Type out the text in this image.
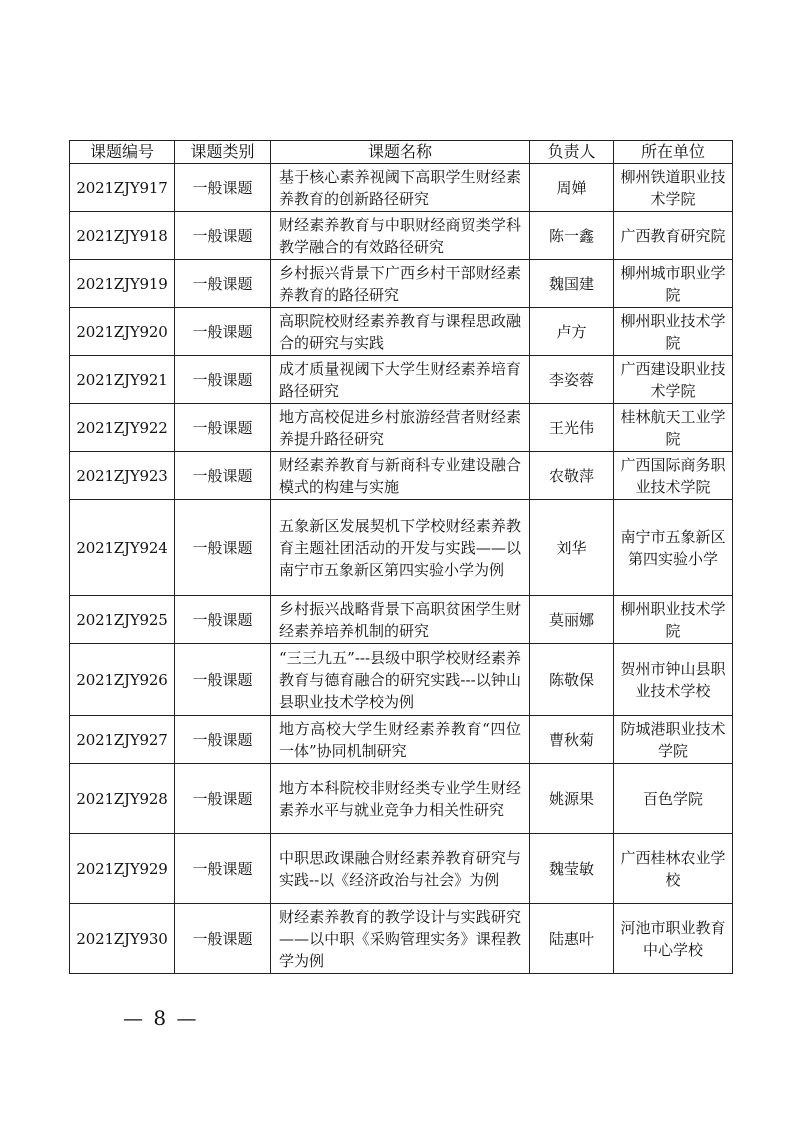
课题编号	课题类别	课题名称	负责人	所在单位
2021ZJY917	一般课题	基于核心素养视阈下高职学生财经素养教育的创新路径研究	周婵	柳州铁道职业技术学院
2021ZJY918	一般课题	财经素养教育与中职财经商贸类学科教学融合的有效路径研究	陈一鑫	广西教育研究院
2021ZJY919	一般课题	乡村振兴背景下广西乡村干部财经素养教育的路径研究	魏国建	柳州城市职业学院
2021ZJY920	一般课题	高职院校财经素养教育与课程思政融合的研究与实践	卢方	柳州职业技术学院
2021ZJY921	一般课题	成才质量视阈下大学生财经素养培育路径研究	李姿蓉	广西建设职业技术学院
2021ZJY922	一般课题	地方高校促进乡村旅游经营者财经素养提升路径研究	王光伟	桂林航天工业学院
2021ZJY923	一般课题	财经素养教育与新商科专业建设融合模式的构建与实施	农敬萍	广西国际商务职业技术学院
2021ZJY924	一般课题	五象新区发展契机下学校财经素养教育主题社团活动的开发与实践——以南宁市五象新区第四实验小学为例	刘华	南宁市五象新区第四实验小学
2021ZJY925	一般课题	乡村振兴战略背景下高职贫困学生财经素养培养机制的研究	莫丽娜	柳州职业技术学院
2021ZJY926	一般课题	“三三九五”---县级中职学校财经素养教育与德育融合的研究实践---以钟山县职业技术学校为例	陈敬保	贺州市钟山县职业技术学校
2021ZJY927	一般课题	地方高校大学生财经素养教育“四位一体”协同机制研究	曹秋菊	防城港职业技术学院
2021ZJY928	一般课题	地方本科院校非财经类专业学生财经素养水平与就业竞争力相关性研究	姚源果	百色学院
2021ZJY929	一般课题	中职思政课融合财经素养教育研究与实践--以《经济政治与社会》为例	魏莹敏	广西桂林农业学校
2021ZJY930	一般课题	财经素养教育的教学设计与实践研究——以中职《采购管理实务》课程教学为例	陆惠叶	河池市职业教育中心学校
— 8 —
